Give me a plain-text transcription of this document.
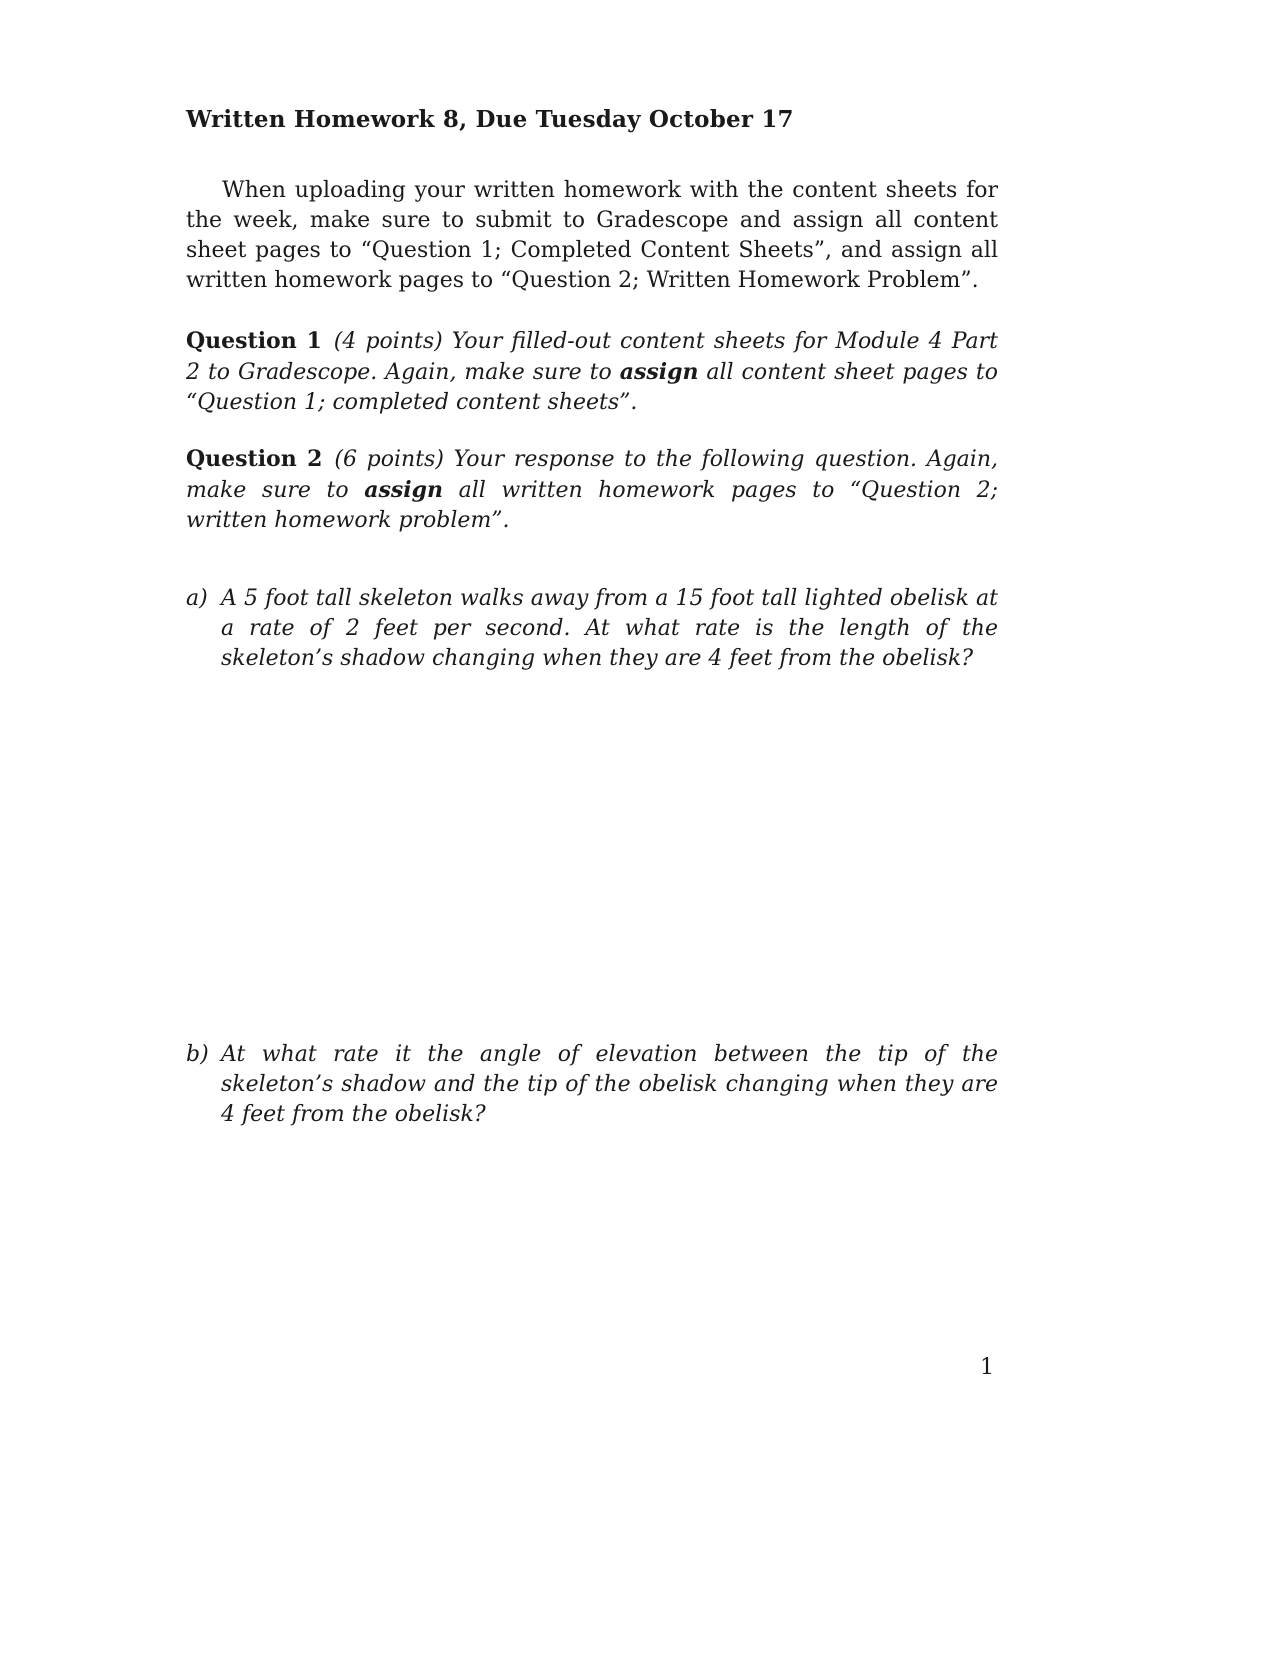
Written Homework 8, Due Tuesday October 17

When uploading your written homework with the content sheets for the week, make sure to submit to Gradescope and assign all content sheet pages to “Question 1; Completed Content Sheets”, and assign all written homework pages to “Question 2; Written Homework Problem”.

Question 1 (4 points) Your filled-out content sheets for Module 4 Part 2 to Gradescope. Again, make sure to assign all content sheet pages to “Question 1; completed content sheets”.

Question 2 (6 points) Your response to the following question. Again, make sure to assign all written homework pages to “Question 2; written homework problem”.

a) A 5 foot tall skeleton walks away from a 15 foot tall lighted obelisk at a rate of 2 feet per second. At what rate is the length of the skeleton’s shadow changing when they are 4 feet from the obelisk?
b) At what rate it the angle of elevation between the tip of the skeleton’s shadow and the tip of the obelisk changing when they are 4 feet from the obelisk?
1
